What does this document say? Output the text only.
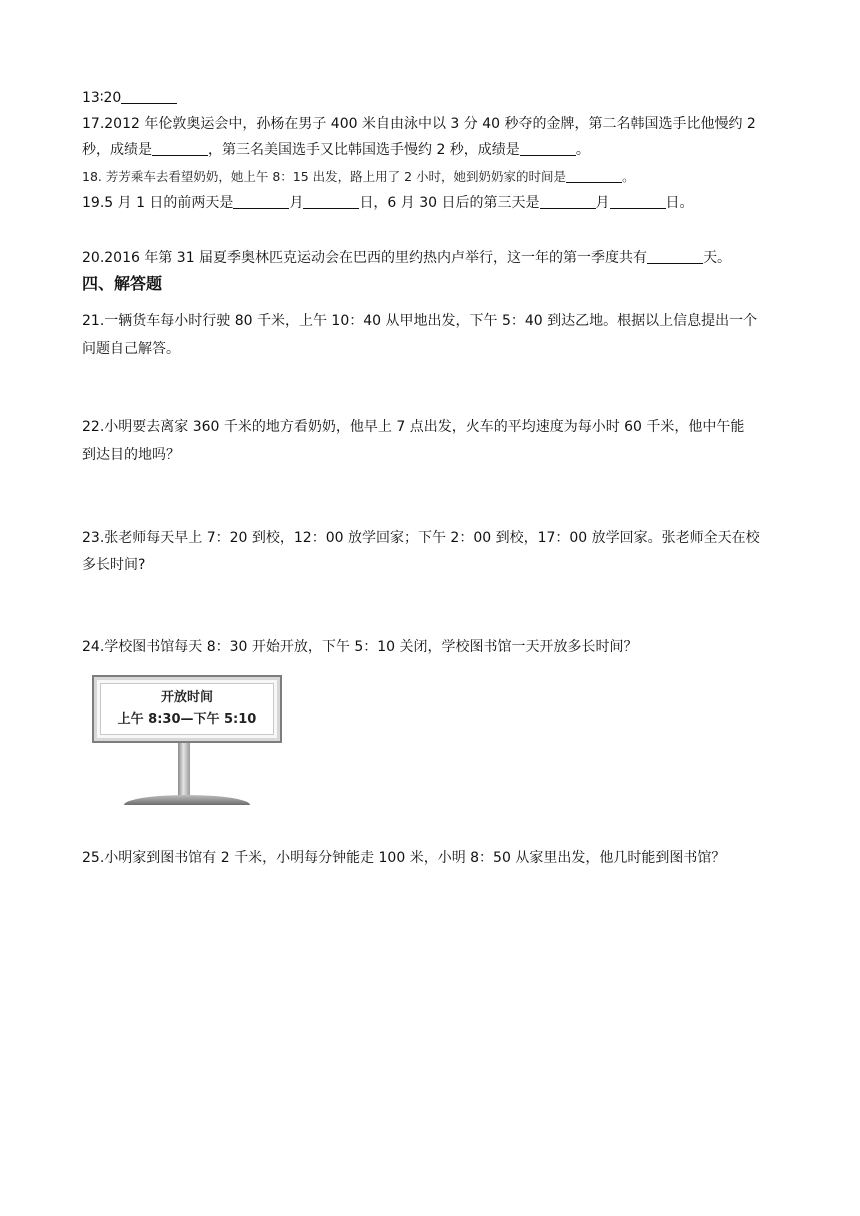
13∶20
17.2012 年伦敦奥运会中，孙杨在男子 400 米自由泳中以 3 分 40 秒夺的金牌，第二名韩国选手比他慢约 2
秒，成绩是	，第三名美国选手又比韩国选手慢约 2 秒，成绩是	。
18. 芳芳乘车去看望奶奶，她上午 8：15 出发，路上用了 2 小时，她到奶奶家的时间是	。
19.5 月 1 日的前两天是	月	日，6 月 30 日后的第三天是	月	日。
20.2016 年第 31 届夏季奥林匹克运动会在巴西的里约热内卢举行，这一年的第一季度共有	天。
四、解答题
21.一辆货车每小时行驶 80 千米，上午 10：40 从甲地出发，下午 5：40 到达乙地。根据以上信息提出一个
问题自己解答。
22.小明要去离家 360 千米的地方看奶奶，他早上 7 点出发，火车的平均速度为每小时 60 千米，他中午能
到达目的地吗？
23.张老师每天早上 7：20 到校，12：00 放学回家；下午 2：00 到校，17：00 放学回家。张老师全天在校
多长时间?
24.学校图书馆每天 8：30 开始开放，下午 5：10 关闭，学校图书馆一天开放多长时间？
开放时间
上午 8:30—下午 5:10
25.小明家到图书馆有 2 千米，小明每分钟能走 100 米，小明 8：50 从家里出发，他几时能到图书馆？
